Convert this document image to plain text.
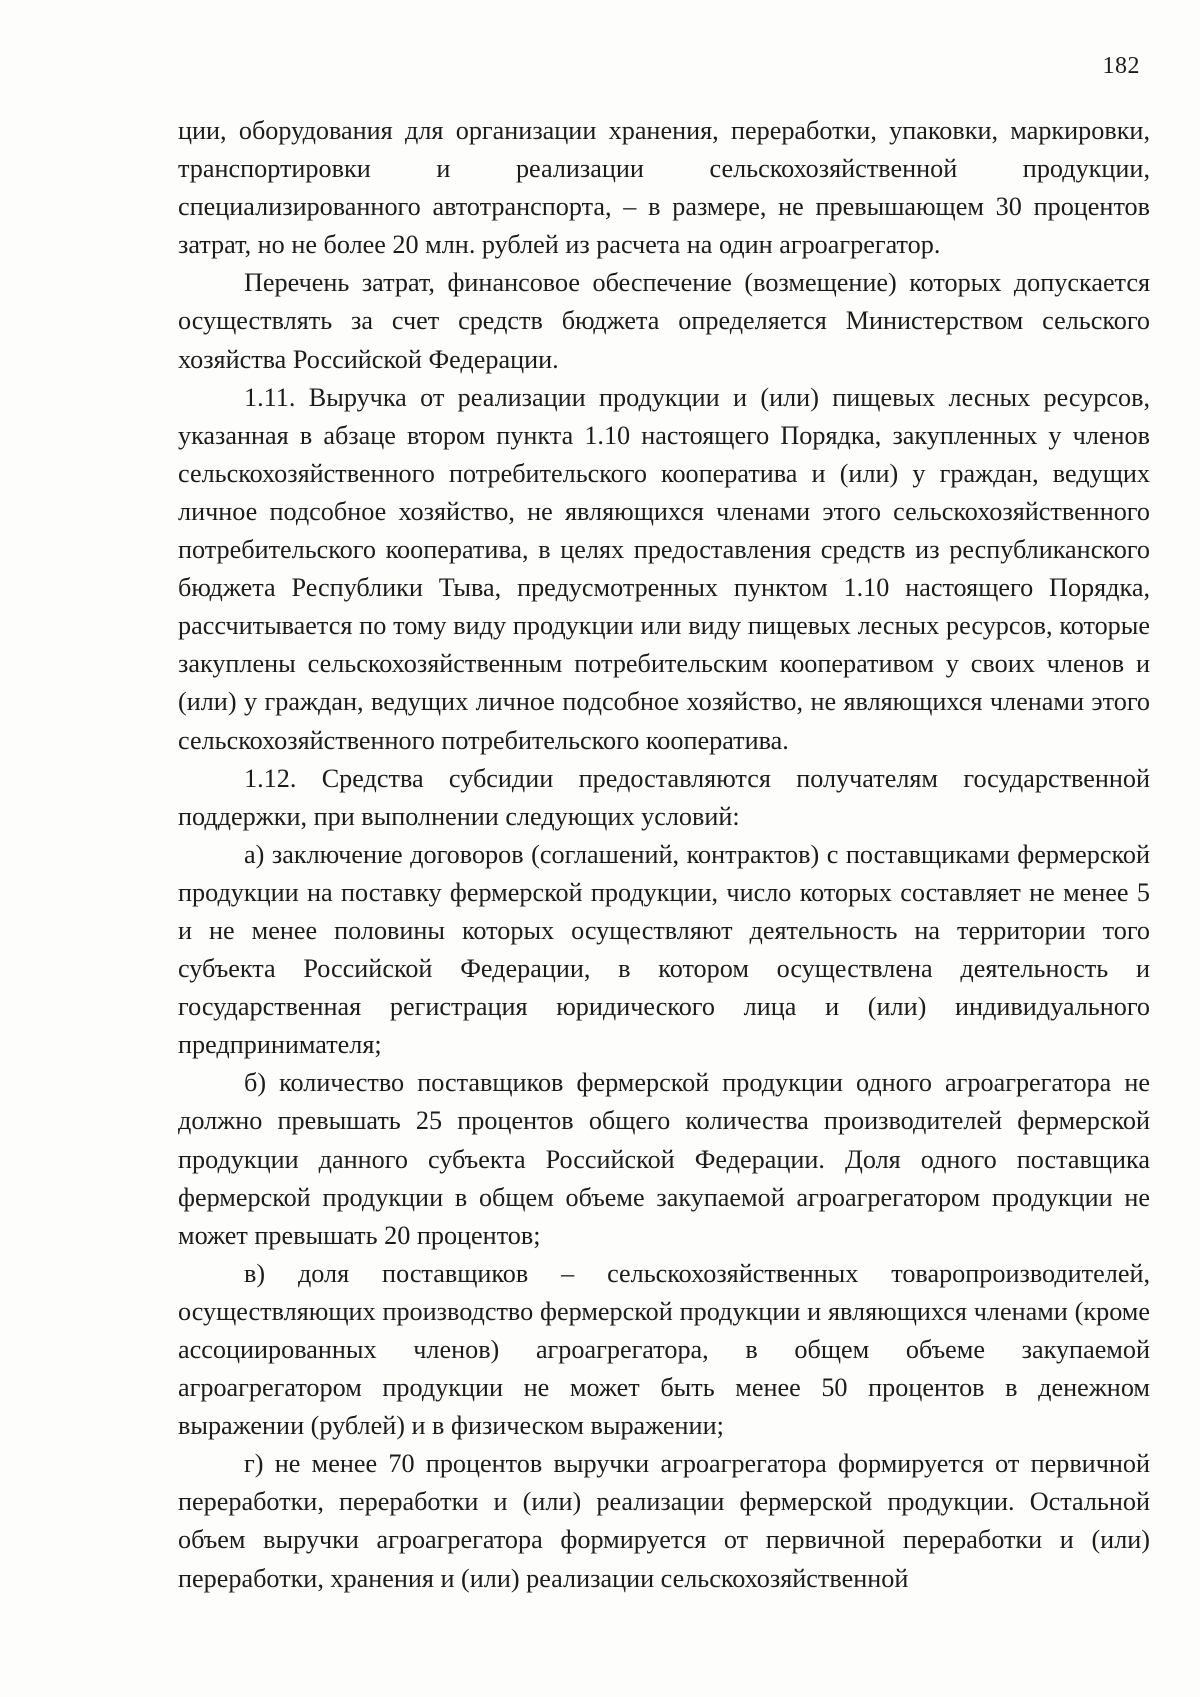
182

ции, оборудования для организации хранения, переработки, упаковки, маркировки, транспортировки и реализации сельскохозяйственной продукции, специализированного автотранспорта, – в размере, не превышающем 30 процентов затрат, но не более 20 млн. рублей из расчета на один агроагрегатор.

Перечень затрат, финансовое обеспечение (возмещение) которых допускается осуществлять за счет средств бюджета определяется Министерством сельского хозяйства Российской Федерации.

1.11. Выручка от реализации продукции и (или) пищевых лесных ресурсов, указанная в абзаце втором пункта 1.10 настоящего Порядка, закупленных у членов сельскохозяйственного потребительского кооператива и (или) у граждан, ведущих личное подсобное хозяйство, не являющихся членами этого сельскохозяйственного потребительского кооператива, в целях предоставления средств из республиканского бюджета Республики Тыва, предусмотренных пунктом 1.10 настоящего Порядка, рассчитывается по тому виду продукции или виду пищевых лесных ресурсов, которые закуплены сельскохозяйственным потребительским кооперативом у своих членов и (или) у граждан, ведущих личное подсобное хозяйство, не являющихся членами этого сельскохозяйственного потребительского кооператива.

1.12. Средства субсидии предоставляются получателям государственной поддержки, при выполнении следующих условий:

а) заключение договоров (соглашений, контрактов) с поставщиками фермерской продукции на поставку фермерской продукции, число которых составляет не менее 5 и не менее половины которых осуществляют деятельность на территории того субъекта Российской Федерации, в котором осуществлена деятельность и государственная регистрация юридического лица и (или) индивидуального предпринимателя;

б) количество поставщиков фермерской продукции одного агроагрегатора не должно превышать 25 процентов общего количества производителей фермерской продукции данного субъекта Российской Федерации. Доля одного поставщика фермерской продукции в общем объеме закупаемой агроагрегатором продукции не может превышать 20 процентов;

в) доля поставщиков – сельскохозяйственных товаропроизводителей, осуществляющих производство фермерской продукции и являющихся членами (кроме ассоциированных членов) агроагрегатора, в общем объеме закупаемой агроагрегатором продукции не может быть менее 50 процентов в денежном выражении (рублей) и в физическом выражении;

г) не менее 70 процентов выручки агроагрегатора формируется от первичной переработки, переработки и (или) реализации фермерской продукции. Остальной объем выручки агроагрегатора формируется от первичной переработки и (или) переработки, хранения и (или) реализации сельскохозяйственной
